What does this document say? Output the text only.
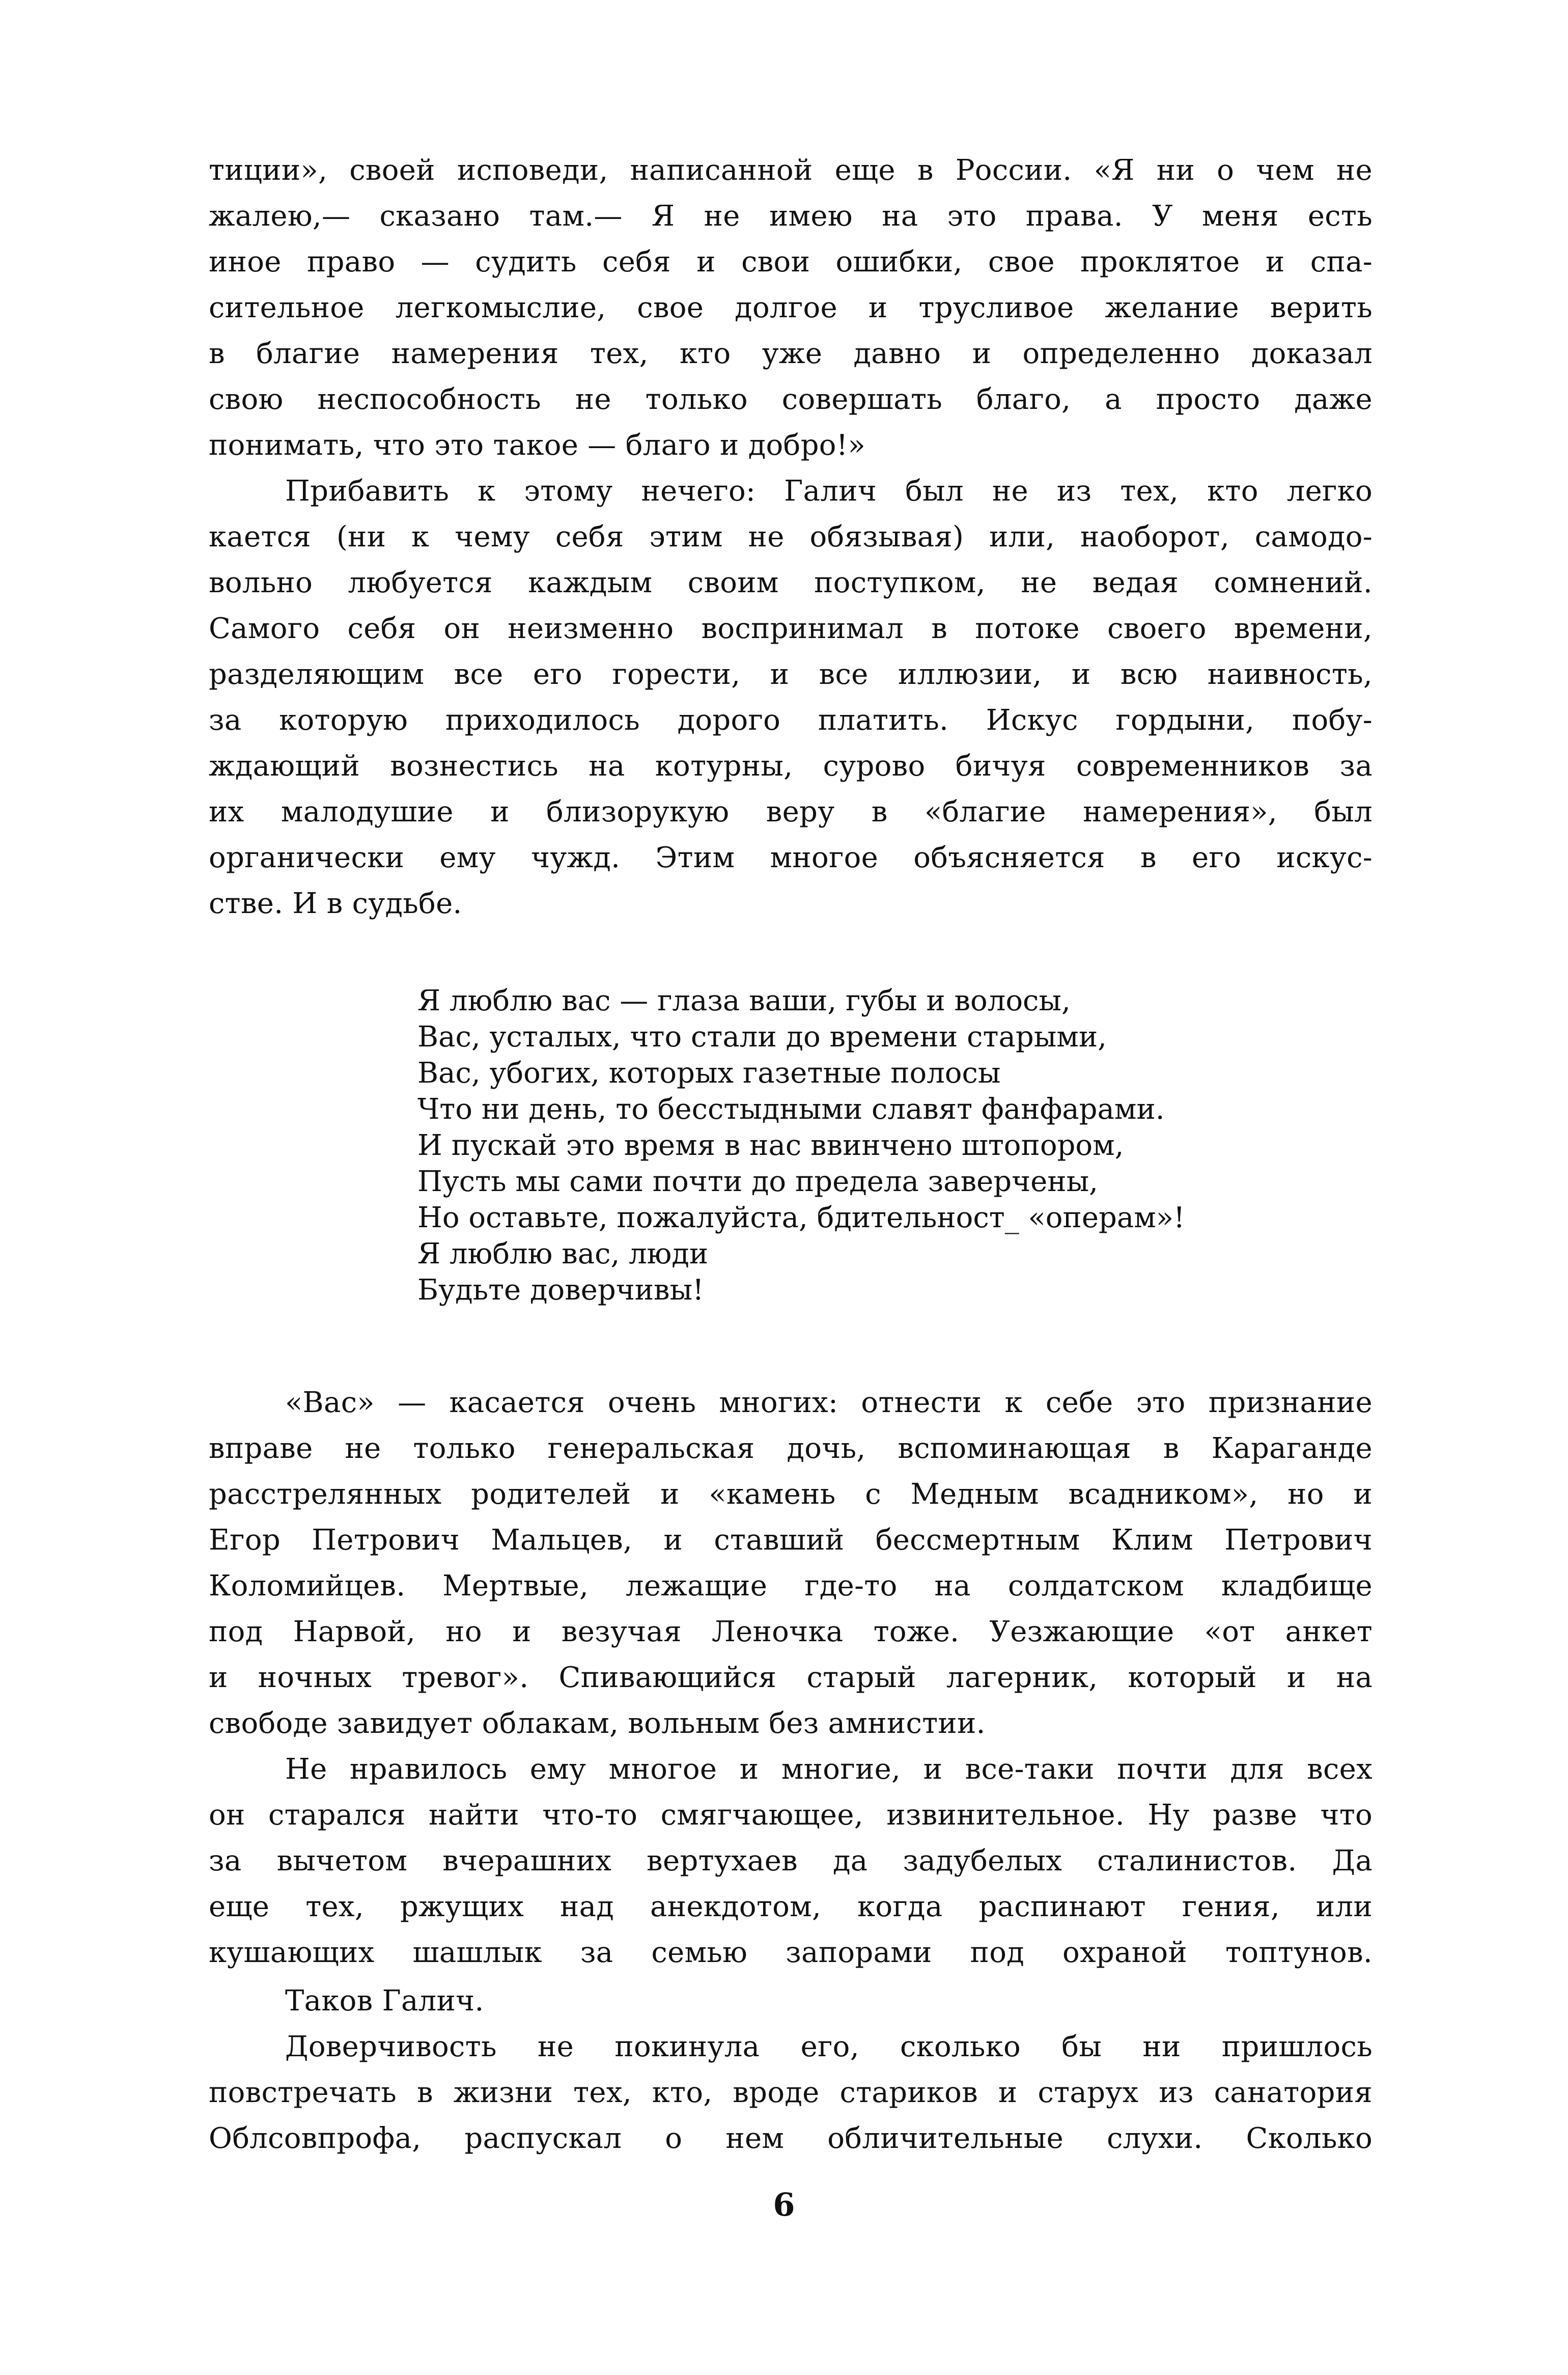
тиции», своей исповеди, написанной еще в России. «Я ни о чем не
жалею,— сказано там.— Я не имею на это права. У меня есть
иное право — судить себя и свои ошибки, свое проклятое и спа-
сительное легкомыслие, свое долгое и трусливое желание верить
в благие намерения тех, кто уже давно и определенно доказал
свою неспособность не только совершать благо, а просто даже
понимать, что это такое — благо и добро!»
Прибавить к этому нечего: Галич был не из тех, кто легко
кается (ни к чему себя этим не обязывая) или, наоборот, самодо-
вольно любуется каждым своим поступком, не ведая сомнений.
Самого себя он неизменно воспринимал в потоке своего времени,
разделяющим все его горести, и все иллюзии, и всю наивность,
за которую приходилось дорого платить. Искус гордыни, побу-
ждающий вознестись на котурны, сурово бичуя современников за
их малодушие и близорукую веру в «благие намерения», был
органически ему чужд. Этим многое объясняется в его искус-
стве. И в судьбе.
Я люблю вас — глаза ваши, губы и волосы,
Вас, усталых, что стали до времени старыми,
Вас, убогих, которых газетные полосы
Что ни день, то бесстыдными славят фанфарами.
И пускай это время в нас ввинчено штопором,
Пусть мы сами почти до предела заверчены,
Но оставьте, пожалуйста, бдительност_ «операм»!
Я люблю вас, люди
Будьте доверчивы!
«Вас» — касается очень многих: отнести к себе это признание
вправе не только генеральская дочь, вспоминающая в Караганде
расстрелянных родителей и «камень с Медным всадником», но и
Егор Петрович Мальцев, и ставший бессмертным Клим Петрович
Коломийцев. Мертвые, лежащие где-то на солдатском кладбище
под Нарвой, но и везучая Леночка тоже. Уезжающие «от анкет
и ночных тревог». Спивающийся старый лагерник, который и на
свободе завидует облакам, вольным без амнистии.
Не нравилось ему многое и многие, и все-таки почти для всех
он старался найти что-то смягчающее, извинительное. Ну разве что
за вычетом вчерашних вертухаев да задубелых сталинистов. Да
еще тех, ржущих над анекдотом, когда распинают гения, или
кушающих шашлык за семью запорами под охраной топтунов.
Таков Галич.
Доверчивость не покинула его, сколько бы ни пришлось
повстречать в жизни тех, кто, вроде стариков и старух из санатория
Облсовпрофа, распускал о нем обличительные слухи. Сколько
6
